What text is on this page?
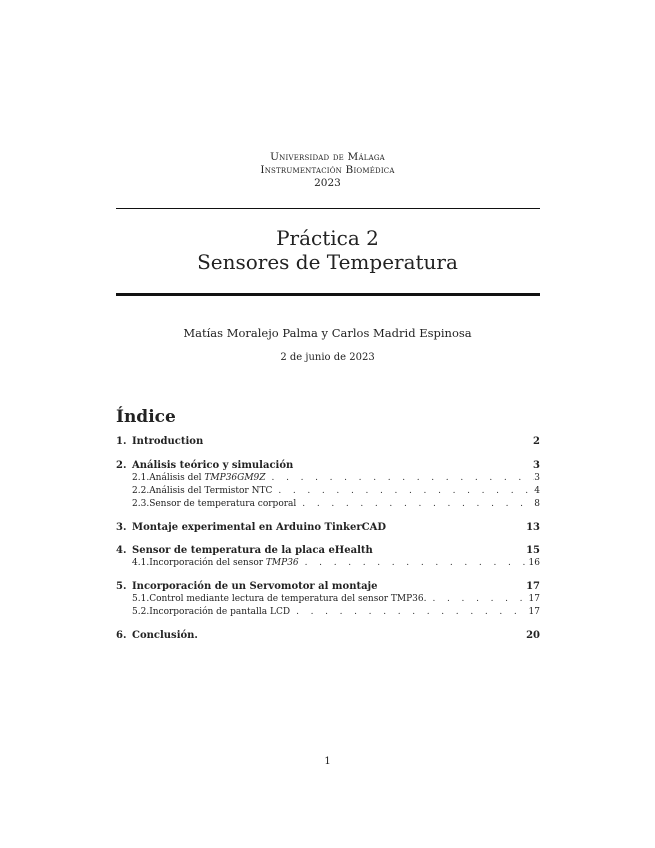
Universidad de Málaga
Instrumentación Biomédica
2023
Práctica 2
Sensores de Temperatura
Matías Moralejo Palma y Carlos Madrid Espinosa
2 de junio de 2023
Índice
1. Introduction	2
2. Análisis teórico y simulación	3
2.1. Análisis del TMP36GM9Z . . .	3
2.2. Análisis del Termistor NTC . . .	4
2.3. Sensor de temperatura corporal . . .	8
3. Montaje experimental en Arduino TinkerCAD	13
4. Sensor de temperatura de la placa eHealth	15
4.1. Incorporación del sensor TMP36 . . .	16
5. Incorporación de un Servomotor al montaje	17
5.1. Control mediante lectura de temperatura del sensor TMP36. . . .	17
5.2. Incorporación de pantalla LCD . . .	17
6. Conclusión.	20
1
